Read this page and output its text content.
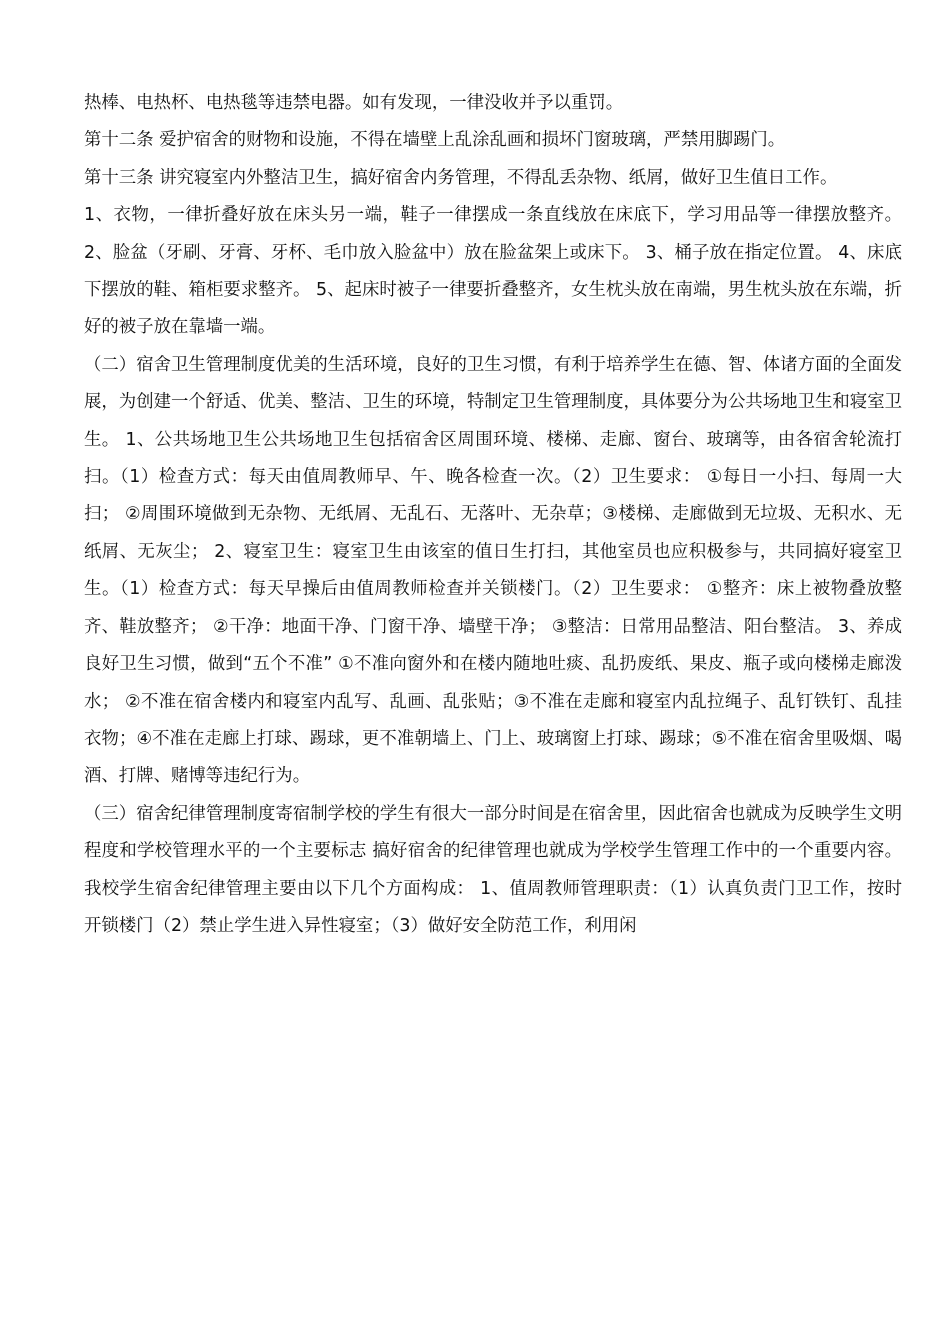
热棒、电热杯、电热毯等违禁电器。如有发现，一律没收并予以重罚。

第十二条 爱护宿舍的财物和设施，不得在墙壁上乱涂乱画和损坏门窗玻璃，严禁用脚踢门。

第十三条 讲究寝室内外整洁卫生，搞好宿舍内务管理，不得乱丢杂物、纸屑，做好卫生值日工作。

1、衣物，一律折叠好放在床头另一端，鞋子一律摆成一条直线放在床底下，学习用品等一律摆放整齐。 2、脸盆（牙刷、牙膏、牙杯、毛巾放入脸盆中）放在脸盆架上或床下。 3、桶子放在指定位置。 4、床底下摆放的鞋、箱柜要求整齐。 5、起床时被子一律要折叠整齐，女生枕头放在南端，男生枕头放在东端，折好的被子放在靠墙一端。

（二）宿舍卫生管理制度优美的生活环境，良好的卫生习惯，有利于培养学生在德、智、体诸方面的全面发展，为创建一个舒适、优美、整洁、卫生的环境，特制定卫生管理制度，具体要分为公共场地卫生和寝室卫生。 1、公共场地卫生公共场地卫生包括宿舍区周围环境、楼梯、走廊、窗台、玻璃等，由各宿舍轮流打扫。（1）检查方式：每天由值周教师早、午、晚各检查一次。（2）卫生要求： ①每日一小扫、每周一大扫； ②周围环境做到无杂物、无纸屑、无乱石、无落叶、无杂草；③楼梯、走廊做到无垃圾、无积水、无纸屑、无灰尘； 2、寝室卫生：寝室卫生由该室的值日生打扫，其他室员也应积极参与，共同搞好寝室卫生。（1）检查方式：每天早操后由值周教师检查并关锁楼门。（2）卫生要求： ①整齐：床上被物叠放整齐、鞋放整齐； ②干净：地面干净、门窗干净、墙壁干净； ③整洁：日常用品整洁、阳台整洁。 3、养成良好卫生习惯，做到“五个不准” ①不准向窗外和在楼内随地吐痰、乱扔废纸、果皮、瓶子或向楼梯走廊泼水； ②不准在宿舍楼内和寝室内乱写、乱画、乱张贴；③不准在走廊和寝室内乱拉绳子、乱钉铁钉、乱挂衣物；④不准在走廊上打球、踢球，更不准朝墙上、门上、玻璃窗上打球、踢球；⑤不准在宿舍里吸烟、喝酒、打牌、赌博等违纪行为。

（三）宿舍纪律管理制度寄宿制学校的学生有很大一部分时间是在宿舍里，因此宿舍也就成为反映学生文明程度和学校管理水平的一个主要标志 搞好宿舍的纪律管理也就成为学校学生管理工作中的一个重要内容。我校学生宿舍纪律管理主要由以下几个方面构成： 1、值周教师管理职责：（1）认真负责门卫工作，按时开锁楼门（2）禁止学生进入异性寝室；（3）做好安全防范工作，利用闲
